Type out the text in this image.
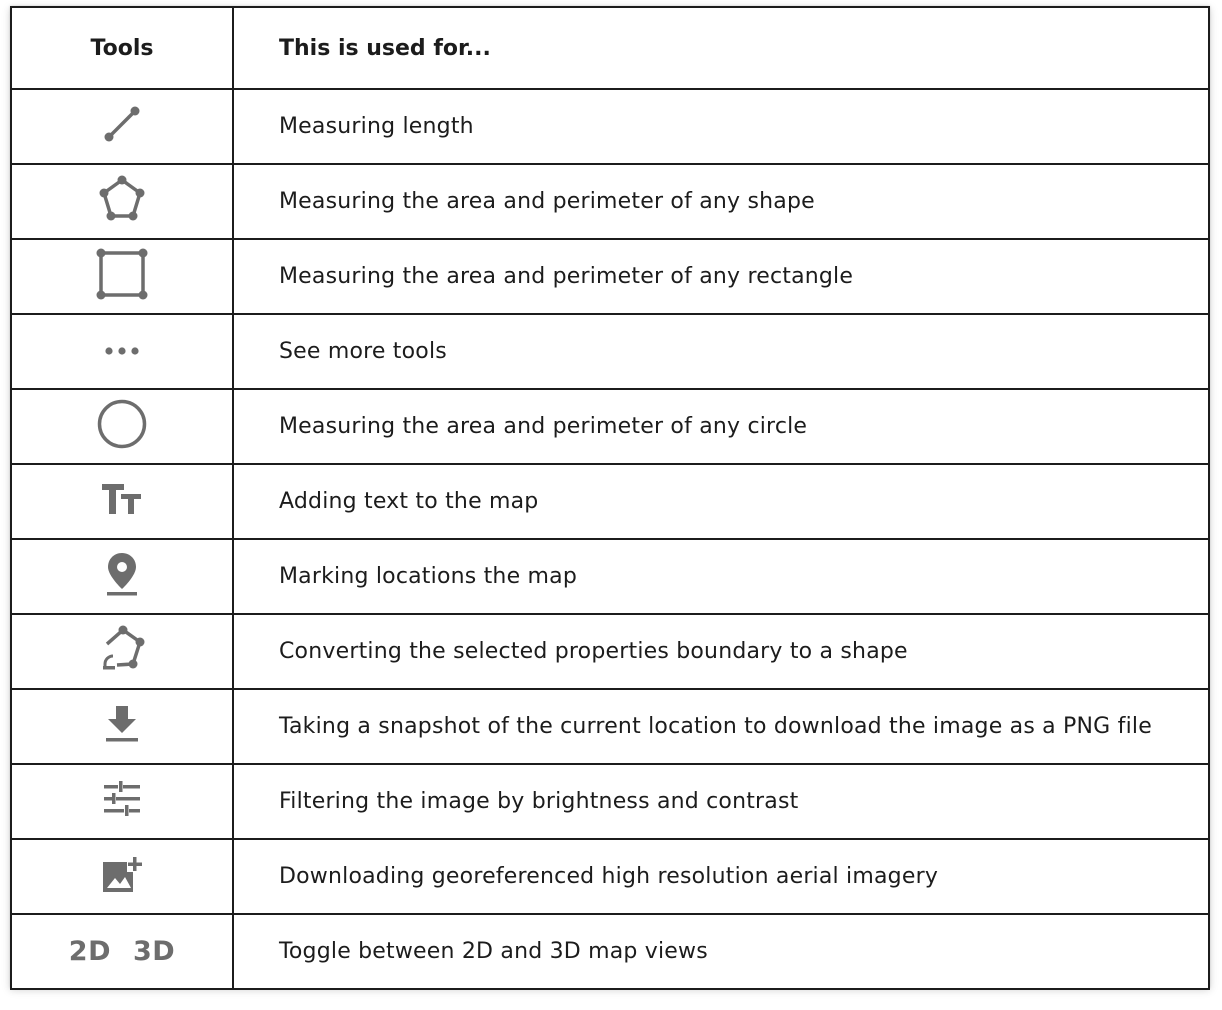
Tools	This is used for...

	Measuring length

	Measuring the area and perimeter of any shape

	Measuring the area and perimeter of any rectangle

	See more tools

	Measuring the area and perimeter of any circle

	Adding text to the map

	Marking locations the map

	Converting the selected properties boundary to a shape

	Taking a snapshot of the current location to download the image as a PNG file

	Filtering the image by brightness and contrast

	Downloading georeferenced high resolution aerial imagery
2D 3D	Toggle between 2D and 3D map views
